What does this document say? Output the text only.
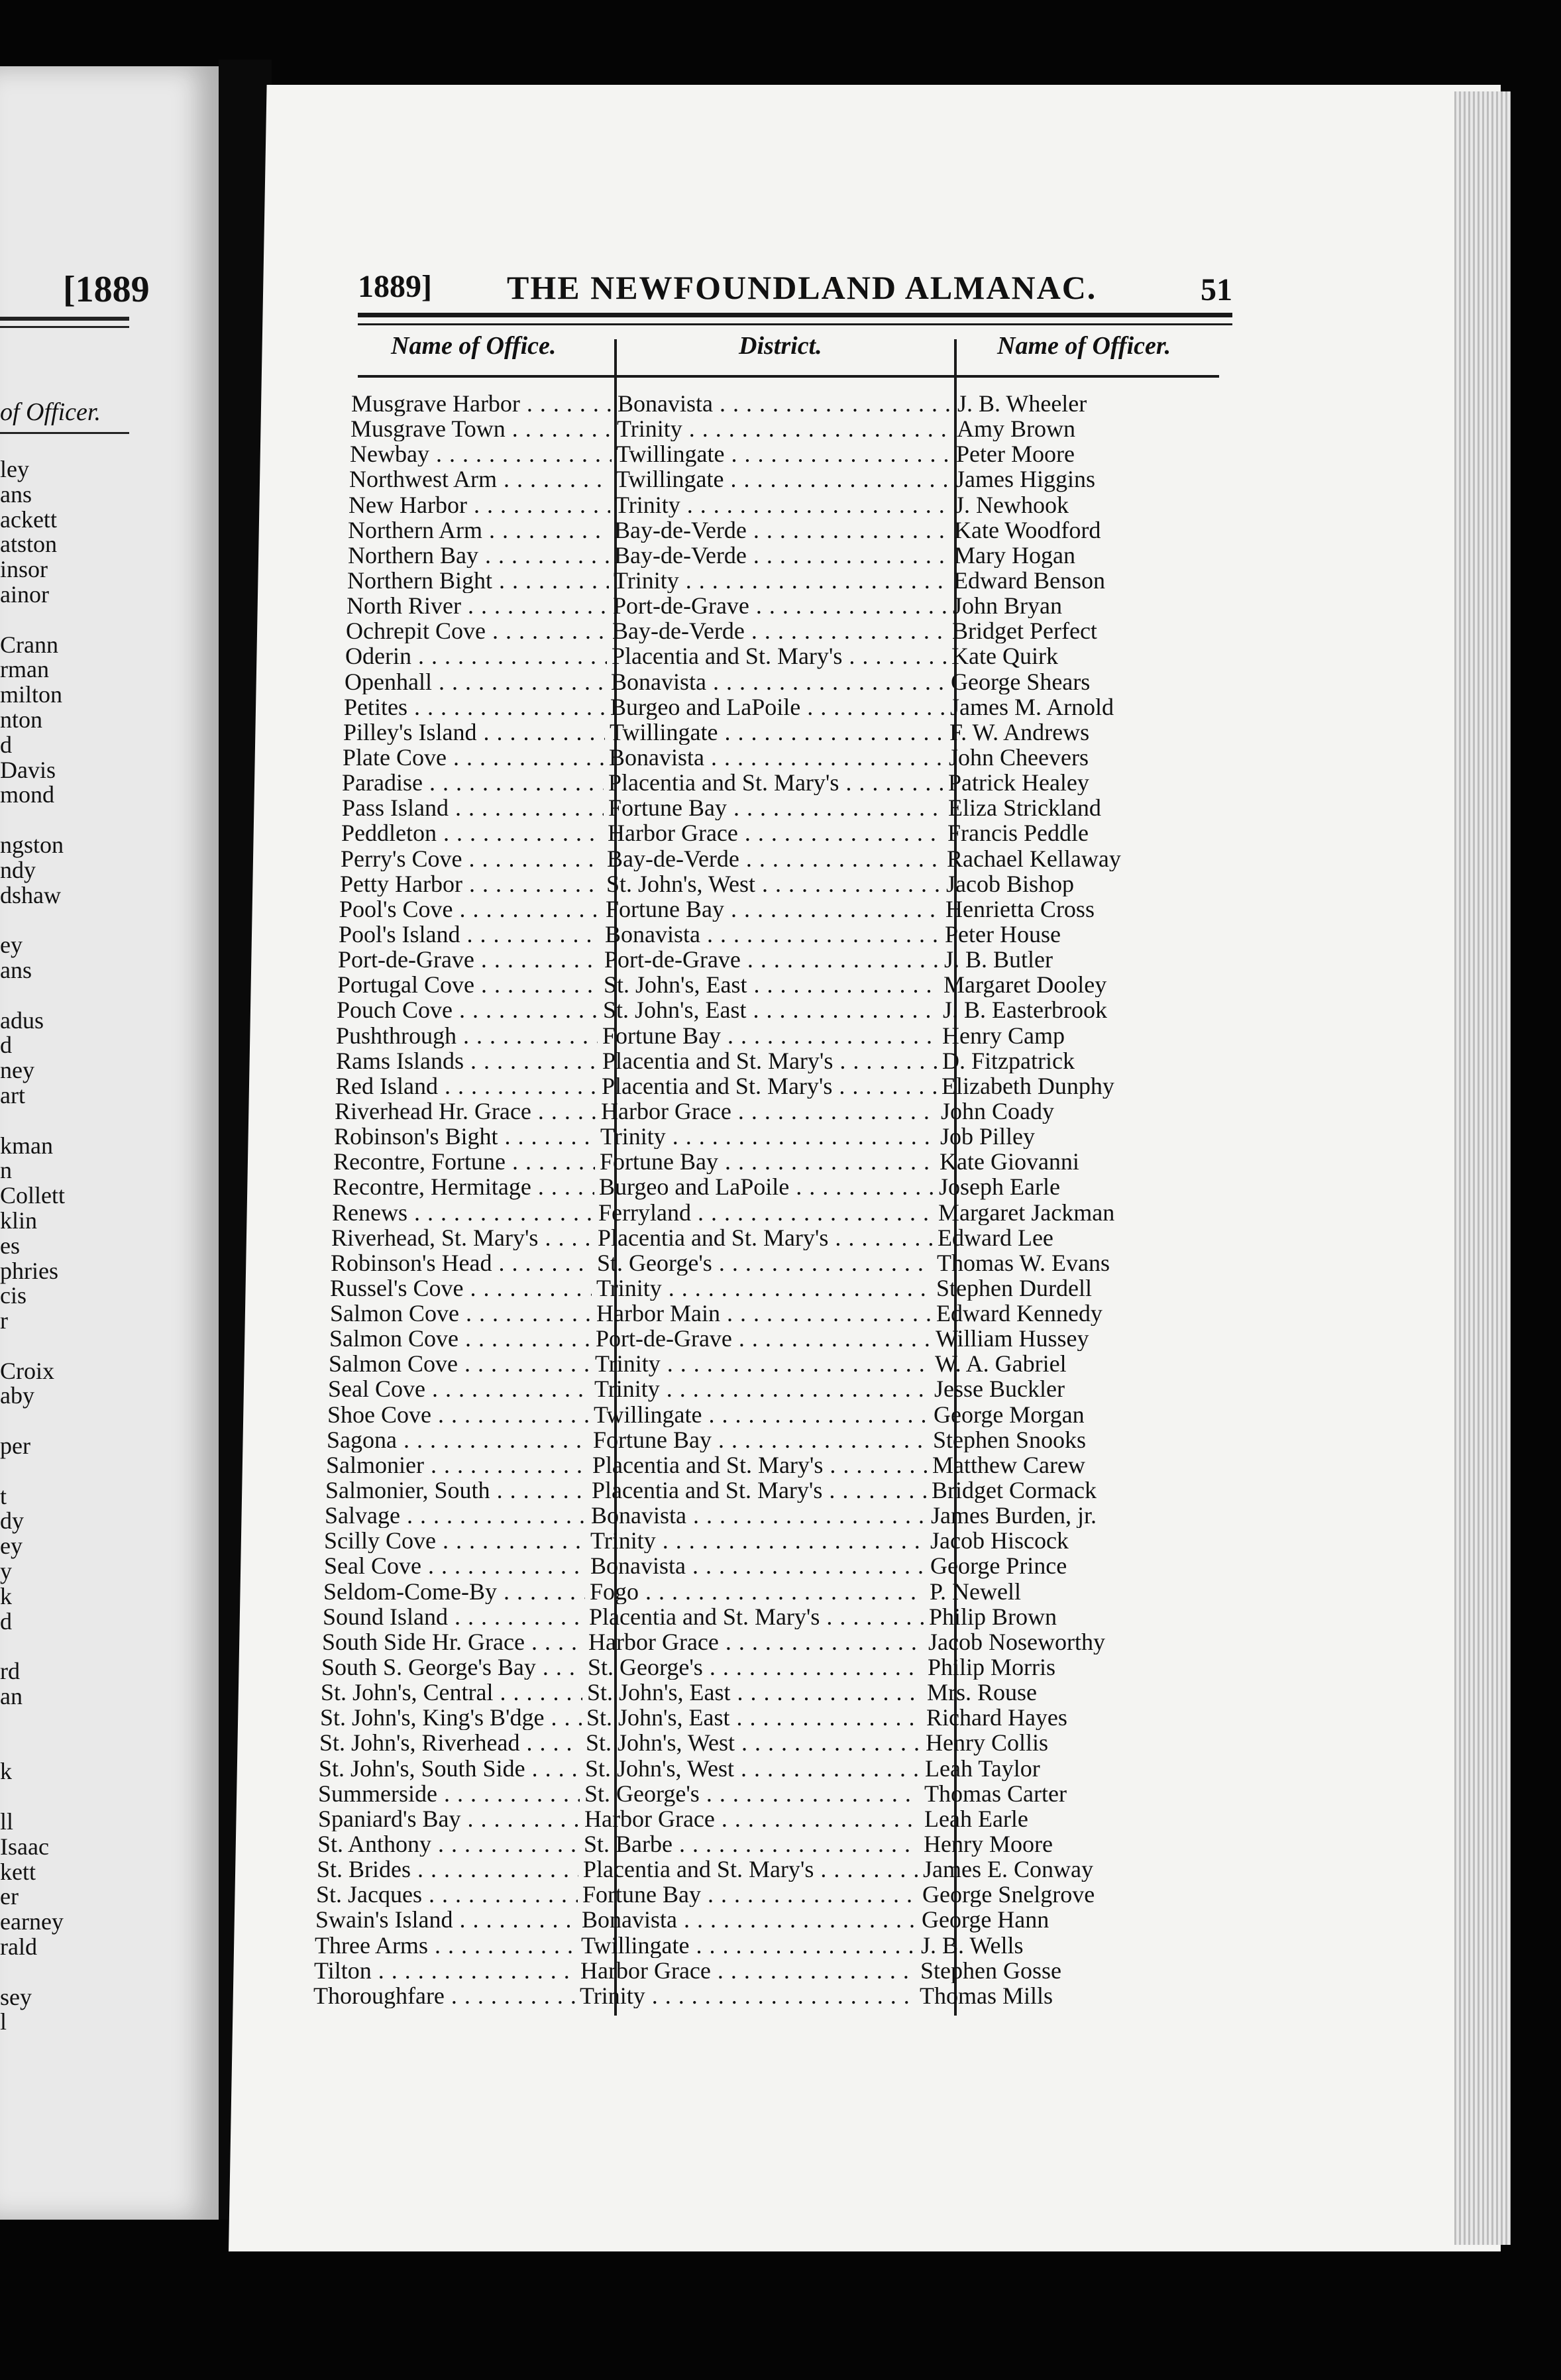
[1889
of Officer.
ley
ans
ackett
atston
insor
ainor
Crann
rman
milton
nton
d
Davis
mond
ngston
ndy
dshaw
ey
ans
adus
d
ney
art
kman
n
Collett
klin
es
phries
cis
r
Croix
aby
per
t
dy
ey
y
k
d
rd
an
k
ll
Isaac
kett
er
earney
rald
sey
l
1889] THE NEWFOUNDLAND ALMANAC.	51
Name of Office.	District.	Name of Officer.
Musgrave Harbor . . .	Bonavista . . .	J. B. Wheeler
Musgrave Town . . .	Trinity . . .	Amy Brown
Newbay . . .	Twillingate . . .	Peter Moore
Northwest Arm . . .	Twillingate . . .	James Higgins
New Harbor . . .	Trinity . . .	J. Newhook
Northern Arm . . .	Bay-de-Verde . . .	Kate Woodford
Northern Bay . . .	Bay-de-Verde . . .	Mary Hogan
Northern Bight . . .	Trinity . . .	Edward Benson
North River . . .	Port-de-Grave . . .	John Bryan
Ochrepit Cove . . .	Bay-de-Verde . . .	Bridget Perfect
Oderin . . .	Placentia and St. Mary's . . .	Kate Quirk
Openhall . . .	Bonavista . . .	George Shears
Petites . . .	Burgeo and LaPoile . . .	James M. Arnold
Pilley's Island . . .	Twillingate . . .	F. W. Andrews
Plate Cove . . .	Bonavista . . .	John Cheevers
Paradise . . .	Placentia and St. Mary's . . .	Patrick Healey
Pass Island . . .	Fortune Bay . . .	Eliza Strickland
Peddleton . . .	Harbor Grace . . .	Francis Peddle
Perry's Cove . . .	Bay-de-Verde . . .	Rachael Kellaway
Petty Harbor . . .	St. John's, West . . .	Jacob Bishop
Pool's Cove . . .	Fortune Bay . . .	Henrietta Cross
Pool's Island . . .	Bonavista . . .	Peter House
Port-de-Grave . . .	Port-de-Grave . . .	J. B. Butler
Portugal Cove . . .	St. John's, East . . .	Margaret Dooley
Pouch Cove . . .	St. John's, East . . .	J. B. Easterbrook
Pushthrough . . .	Fortune Bay . . .	Henry Camp
Rams Islands . . .	Placentia and St. Mary's . . .	D. Fitzpatrick
Red Island . . .	Placentia and St. Mary's . . .	Elizabeth Dunphy
Riverhead Hr. Grace . . .	Harbor Grace . . .	John Coady
Robinson's Bight . . .	Trinity . . .	Job Pilley
Recontre, Fortune . . .	Fortune Bay . . .	Kate Giovanni
Recontre, Hermitage . . .	Burgeo and LaPoile . . .	Joseph Earle
Renews . . .	Ferryland . . .	Margaret Jackman
Riverhead, St. Mary's . . .	Placentia and St. Mary's . . .	Edward Lee
Robinson's Head . . .	St. George's . . .	Thomas W. Evans
Russel's Cove . . .	Trinity . . .	Stephen Durdell
Salmon Cove . . .	Harbor Main . . .	Edward Kennedy
Salmon Cove . . .	Port-de-Grave . . .	William Hussey
Salmon Cove . . .	Trinity . . .	W. A. Gabriel
Seal Cove . . .	Trinity . . .	Jesse Buckler
Shoe Cove . . .	Twillingate . . .	George Morgan
Sagona . . .	Fortune Bay . . .	Stephen Snooks
Salmonier . . .	Placentia and St. Mary's . . .	Matthew Carew
Salmonier, South . . .	Placentia and St. Mary's . . .	Bridget Cormack
Salvage . . .	Bonavista . . .	James Burden, jr.
Scilly Cove . . .	Trinity . . .	Jacob Hiscock
Seal Cove . . .	Bonavista . . .	George Prince
Seldom-Come-By . . .	Fogo . . .	P. Newell
Sound Island . . .	Placentia and St. Mary's . . .	Philip Brown
South Side Hr. Grace . . .	Harbor Grace . . .	Jacob Noseworthy
South S. George's Bay . . .	St. George's . . .	Philip Morris
St. John's, Central . . .	St. John's, East . . .	Mrs. Rouse
St. John's, King's B'dge . . .	St. John's, East . . .	Richard Hayes
St. John's, Riverhead . . .	St. John's, West . . .	Henry Collis
St. John's, South Side . . .	St. John's, West . . .	Leah Taylor
Summerside . . .	St. George's . . .	Thomas Carter
Spaniard's Bay . . .	Harbor Grace . . .	Leah Earle
St. Anthony . . .	St. Barbe . . .	Henry Moore
St. Brides . . .	Placentia and St. Mary's . . .	James E. Conway
St. Jacques . . .	Fortune Bay . . .	George Snelgrove
Swain's Island . . .	Bonavista . . .	George Hann
Three Arms . . .	Twillingate . . .	J. B. Wells
Tilton . . .	Harbor Grace . . .	Stephen Gosse
Thoroughfare . . .	Trinity . . .	Thomas Mills
